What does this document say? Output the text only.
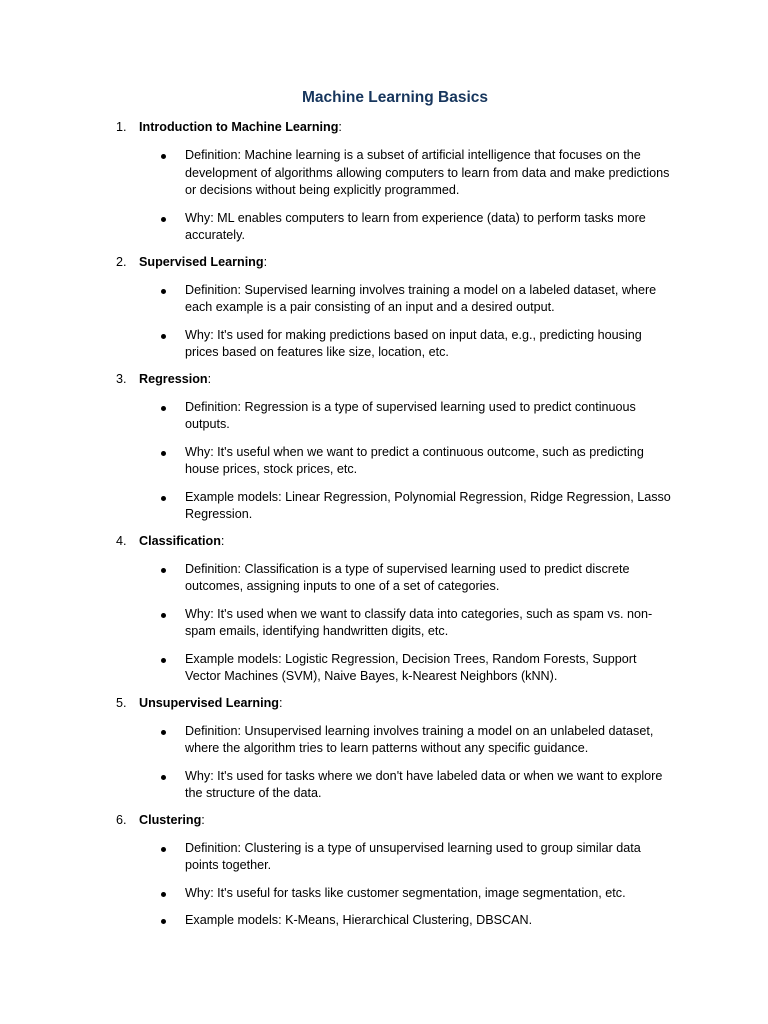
Machine Learning Basics
1. Introduction to Machine Learning:
Definition: Machine learning is a subset of artificial intelligence that focuses on the development of algorithms allowing computers to learn from data and make predictions or decisions without being explicitly programmed.
Why: ML enables computers to learn from experience (data) to perform tasks more accurately.
2. Supervised Learning:
Definition: Supervised learning involves training a model on a labeled dataset, where each example is a pair consisting of an input and a desired output.
Why: It's used for making predictions based on input data, e.g., predicting housing prices based on features like size, location, etc.
3. Regression:
Definition: Regression is a type of supervised learning used to predict continuous outputs.
Why: It's useful when we want to predict a continuous outcome, such as predicting house prices, stock prices, etc.
Example models: Linear Regression, Polynomial Regression, Ridge Regression, Lasso Regression.
4. Classification:
Definition: Classification is a type of supervised learning used to predict discrete outcomes, assigning inputs to one of a set of categories.
Why: It's used when we want to classify data into categories, such as spam vs. non-spam emails, identifying handwritten digits, etc.
Example models: Logistic Regression, Decision Trees, Random Forests, Support Vector Machines (SVM), Naive Bayes, k-Nearest Neighbors (kNN).
5. Unsupervised Learning:
Definition: Unsupervised learning involves training a model on an unlabeled dataset, where the algorithm tries to learn patterns without any specific guidance.
Why: It's used for tasks where we don't have labeled data or when we want to explore the structure of the data.
6. Clustering:
Definition: Clustering is a type of unsupervised learning used to group similar data points together.
Why: It's useful for tasks like customer segmentation, image segmentation, etc.
Example models: K-Means, Hierarchical Clustering, DBSCAN.
